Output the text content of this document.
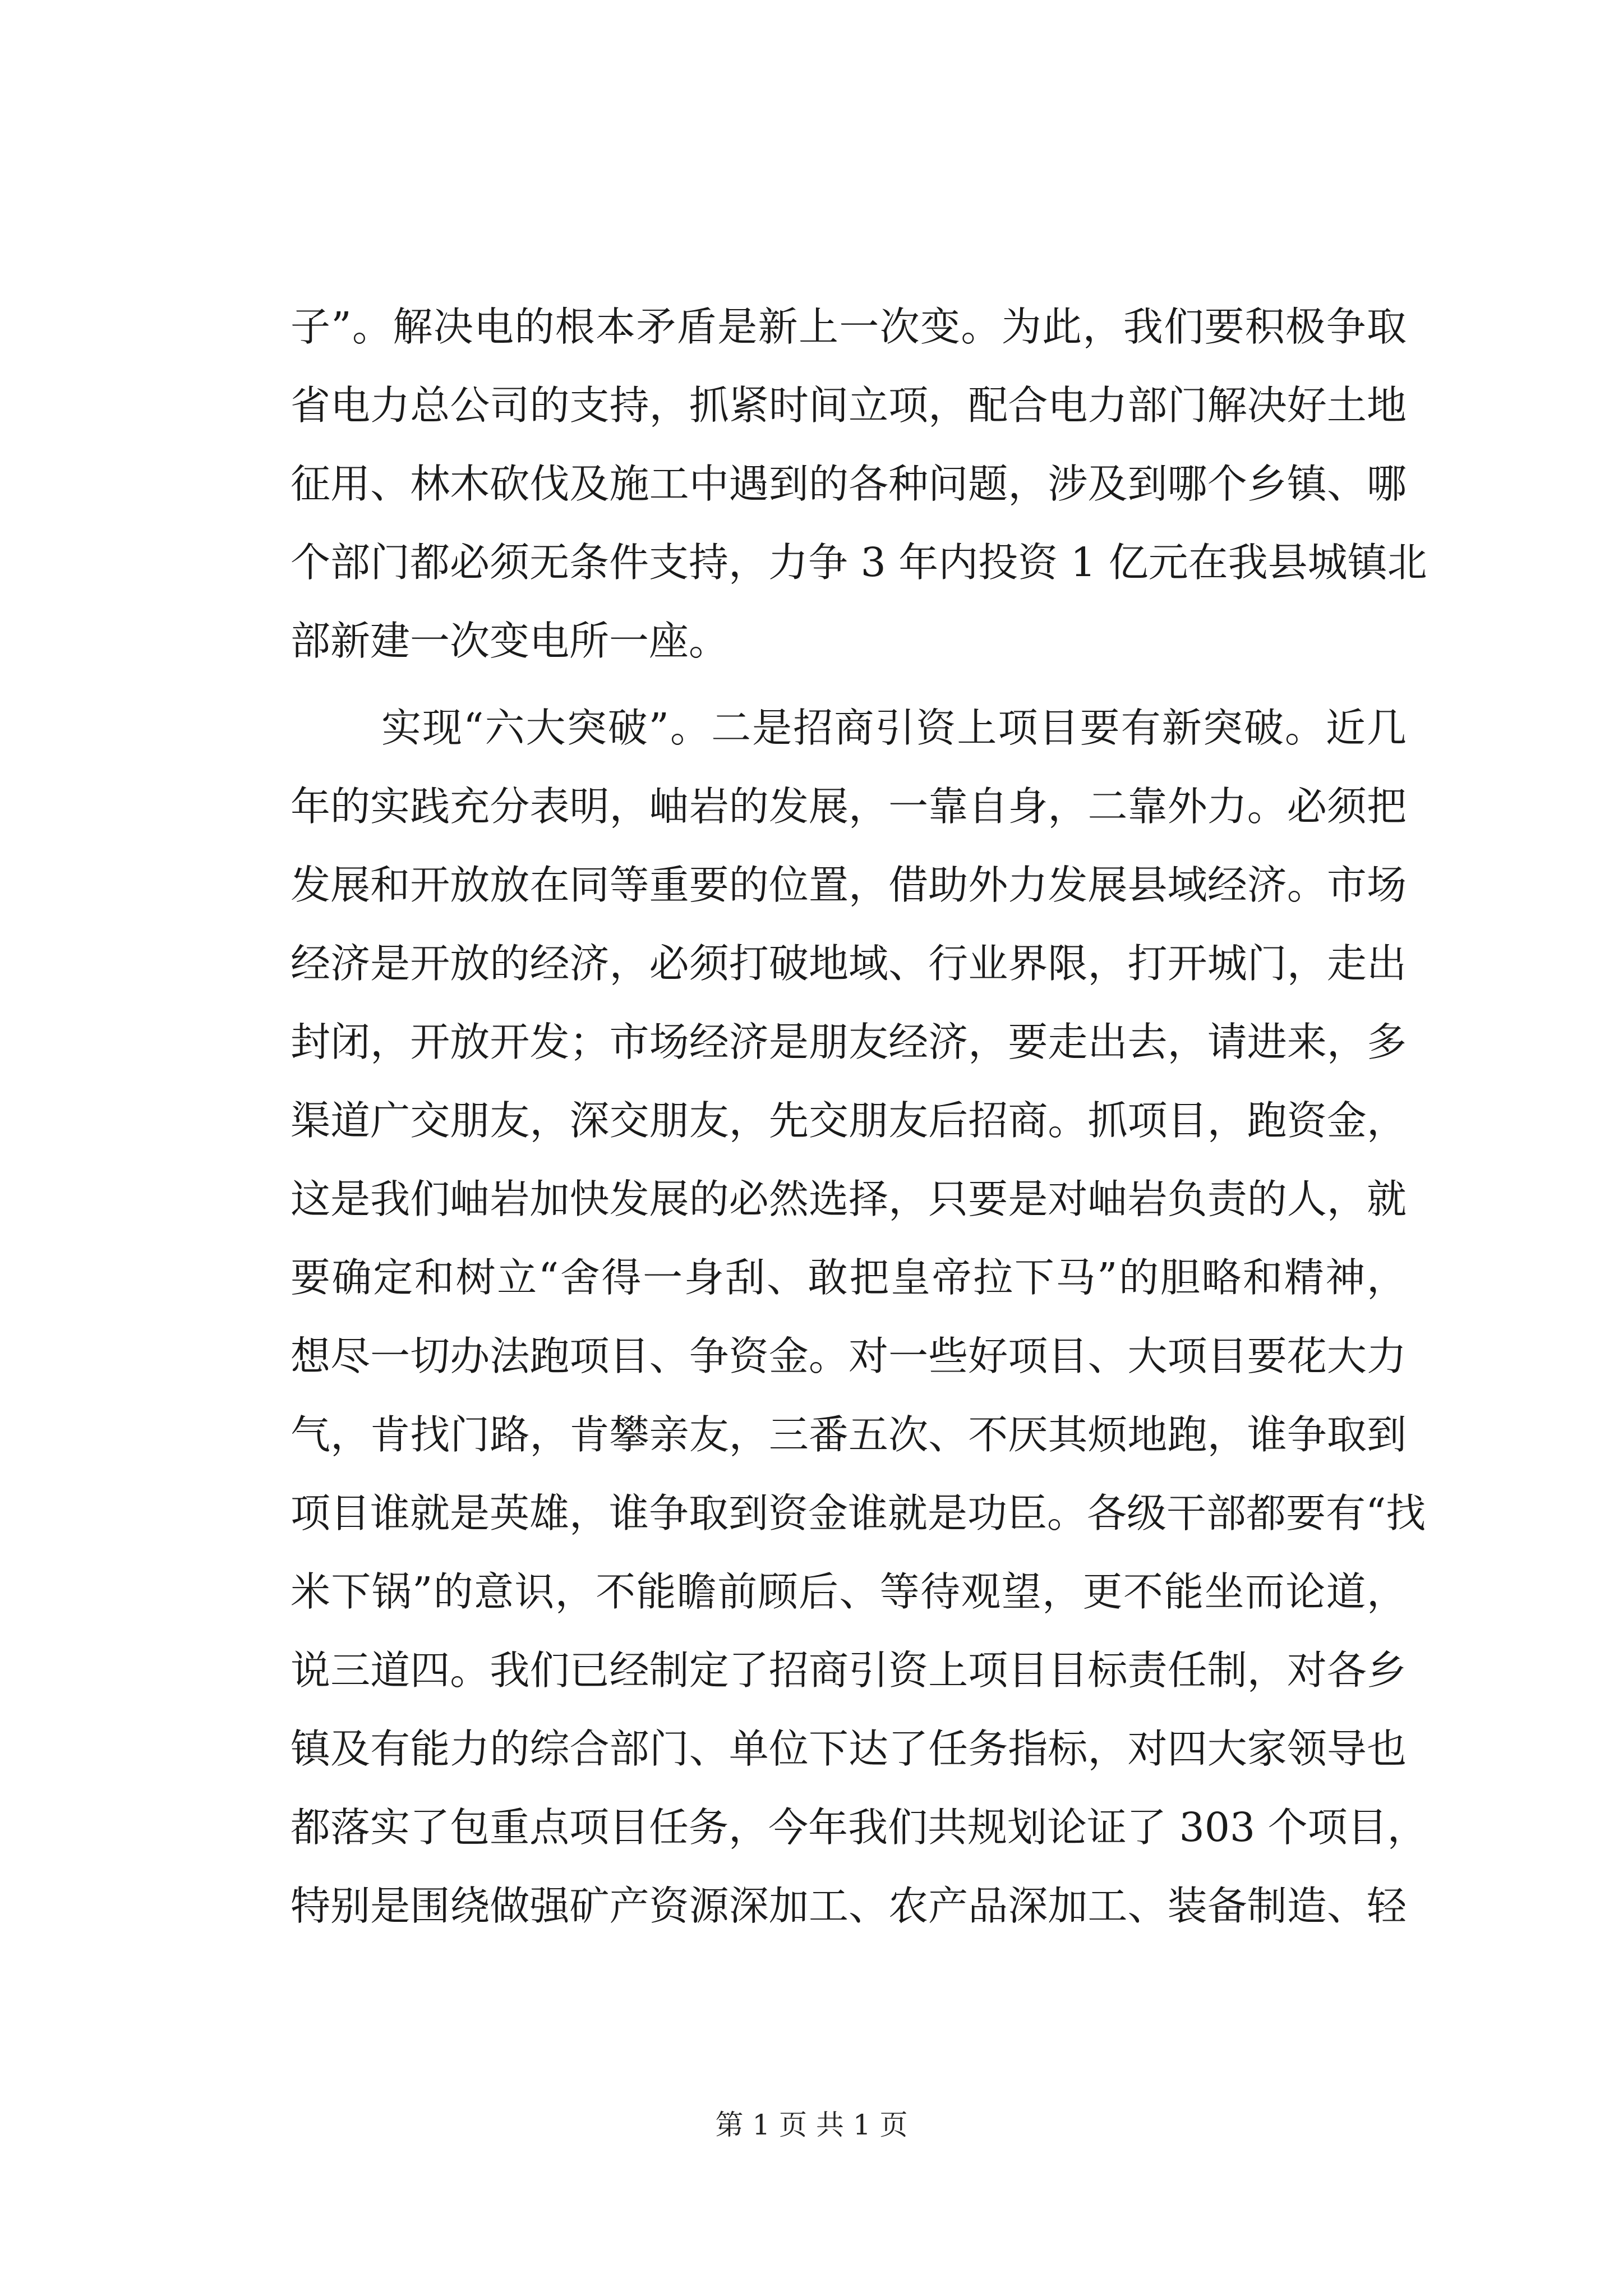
子”。解决电的根本矛盾是新上一次变。为此，我们要积极争取
省电力总公司的支持，抓紧时间立项，配合电力部门解决好土地
征用、林木砍伐及施工中遇到的各种问题，涉及到哪个乡镇、哪
个部门都必须无条件支持，力争 3 年内投资 1 亿元在我县城镇北
部新建一次变电所一座。
实现“六大突破”。二是招商引资上项目要有新突破。近几
年的实践充分表明，岫岩的发展，一靠自身，二靠外力。必须把
发展和开放放在同等重要的位置，借助外力发展县域经济。市场
经济是开放的经济，必须打破地域、行业界限，打开城门，走出
封闭，开放开发；市场经济是朋友经济，要走出去，请进来，多
渠道广交朋友，深交朋友，先交朋友后招商。抓项目，跑资金，
这是我们岫岩加快发展的必然选择，只要是对岫岩负责的人，就
要确定和树立“舍得一身刮、敢把皇帝拉下马”的胆略和精神，
想尽一切办法跑项目、争资金。对一些好项目、大项目要花大力
气，肯找门路，肯攀亲友，三番五次、不厌其烦地跑，谁争取到
项目谁就是英雄，谁争取到资金谁就是功臣。各级干部都要有“找
米下锅”的意识，不能瞻前顾后、等待观望，更不能坐而论道，
说三道四。我们已经制定了招商引资上项目目标责任制，对各乡
镇及有能力的综合部门、单位下达了任务指标，对四大家领导也
都落实了包重点项目任务，今年我们共规划论证了 303 个项目，
特别是围绕做强矿产资源深加工、农产品深加工、装备制造、轻
第 1 页 共 1 页
